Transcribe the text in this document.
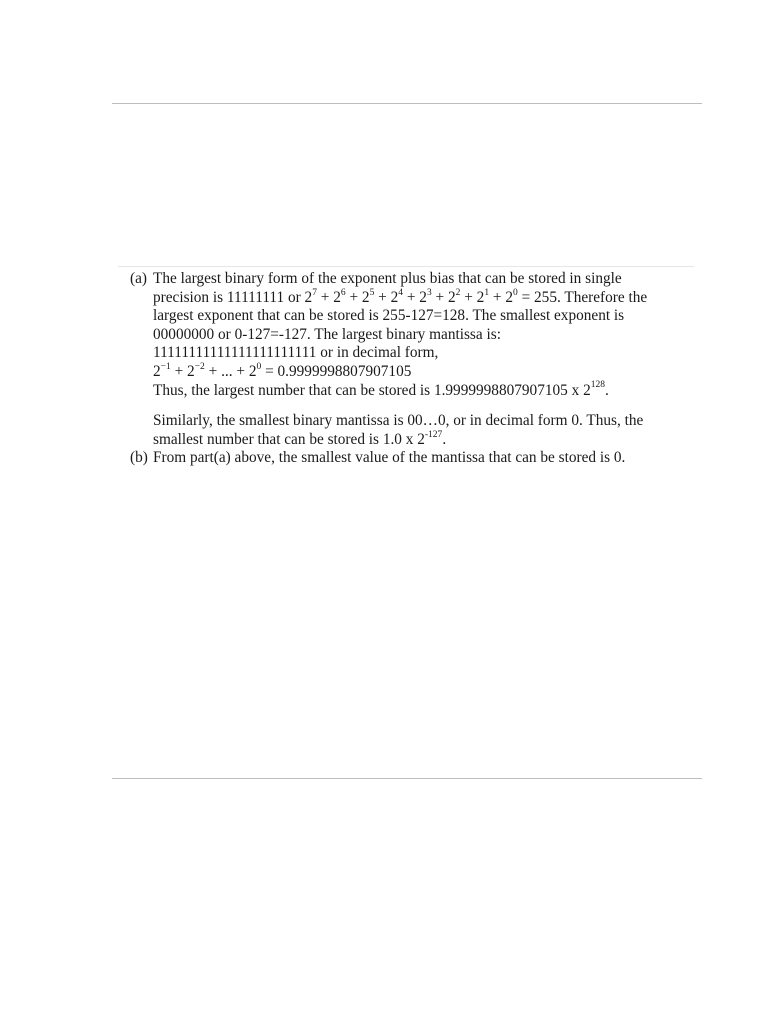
(a) The largest binary form of the exponent plus bias that can be stored in single
precision is 11111111 or $2^7 + 2^6 + 2^5 + 2^4 + 2^3 + 2^2 + 2^1 + 2^0 = 255$. Therefore the
largest exponent that can be stored is 255-127=128. The smallest exponent is
00000000 or 0-127=-127. The largest binary mantissa is:
11111111111111111111111 or in decimal form,
$2^{-1} + 2^{-2}$ + ... + $2^0 = 0.9999998807907105$
Thus, the largest number that can be stored is 1.9999998807907105 x $2^{128}$.
Similarly, the smallest binary mantissa is 00…0, or in decimal form 0. Thus, the
smallest number that can be stored is 1.0 x $2^{-127}$.
(b) From part(a) above, the smallest value of the mantissa that can be stored is 0.
